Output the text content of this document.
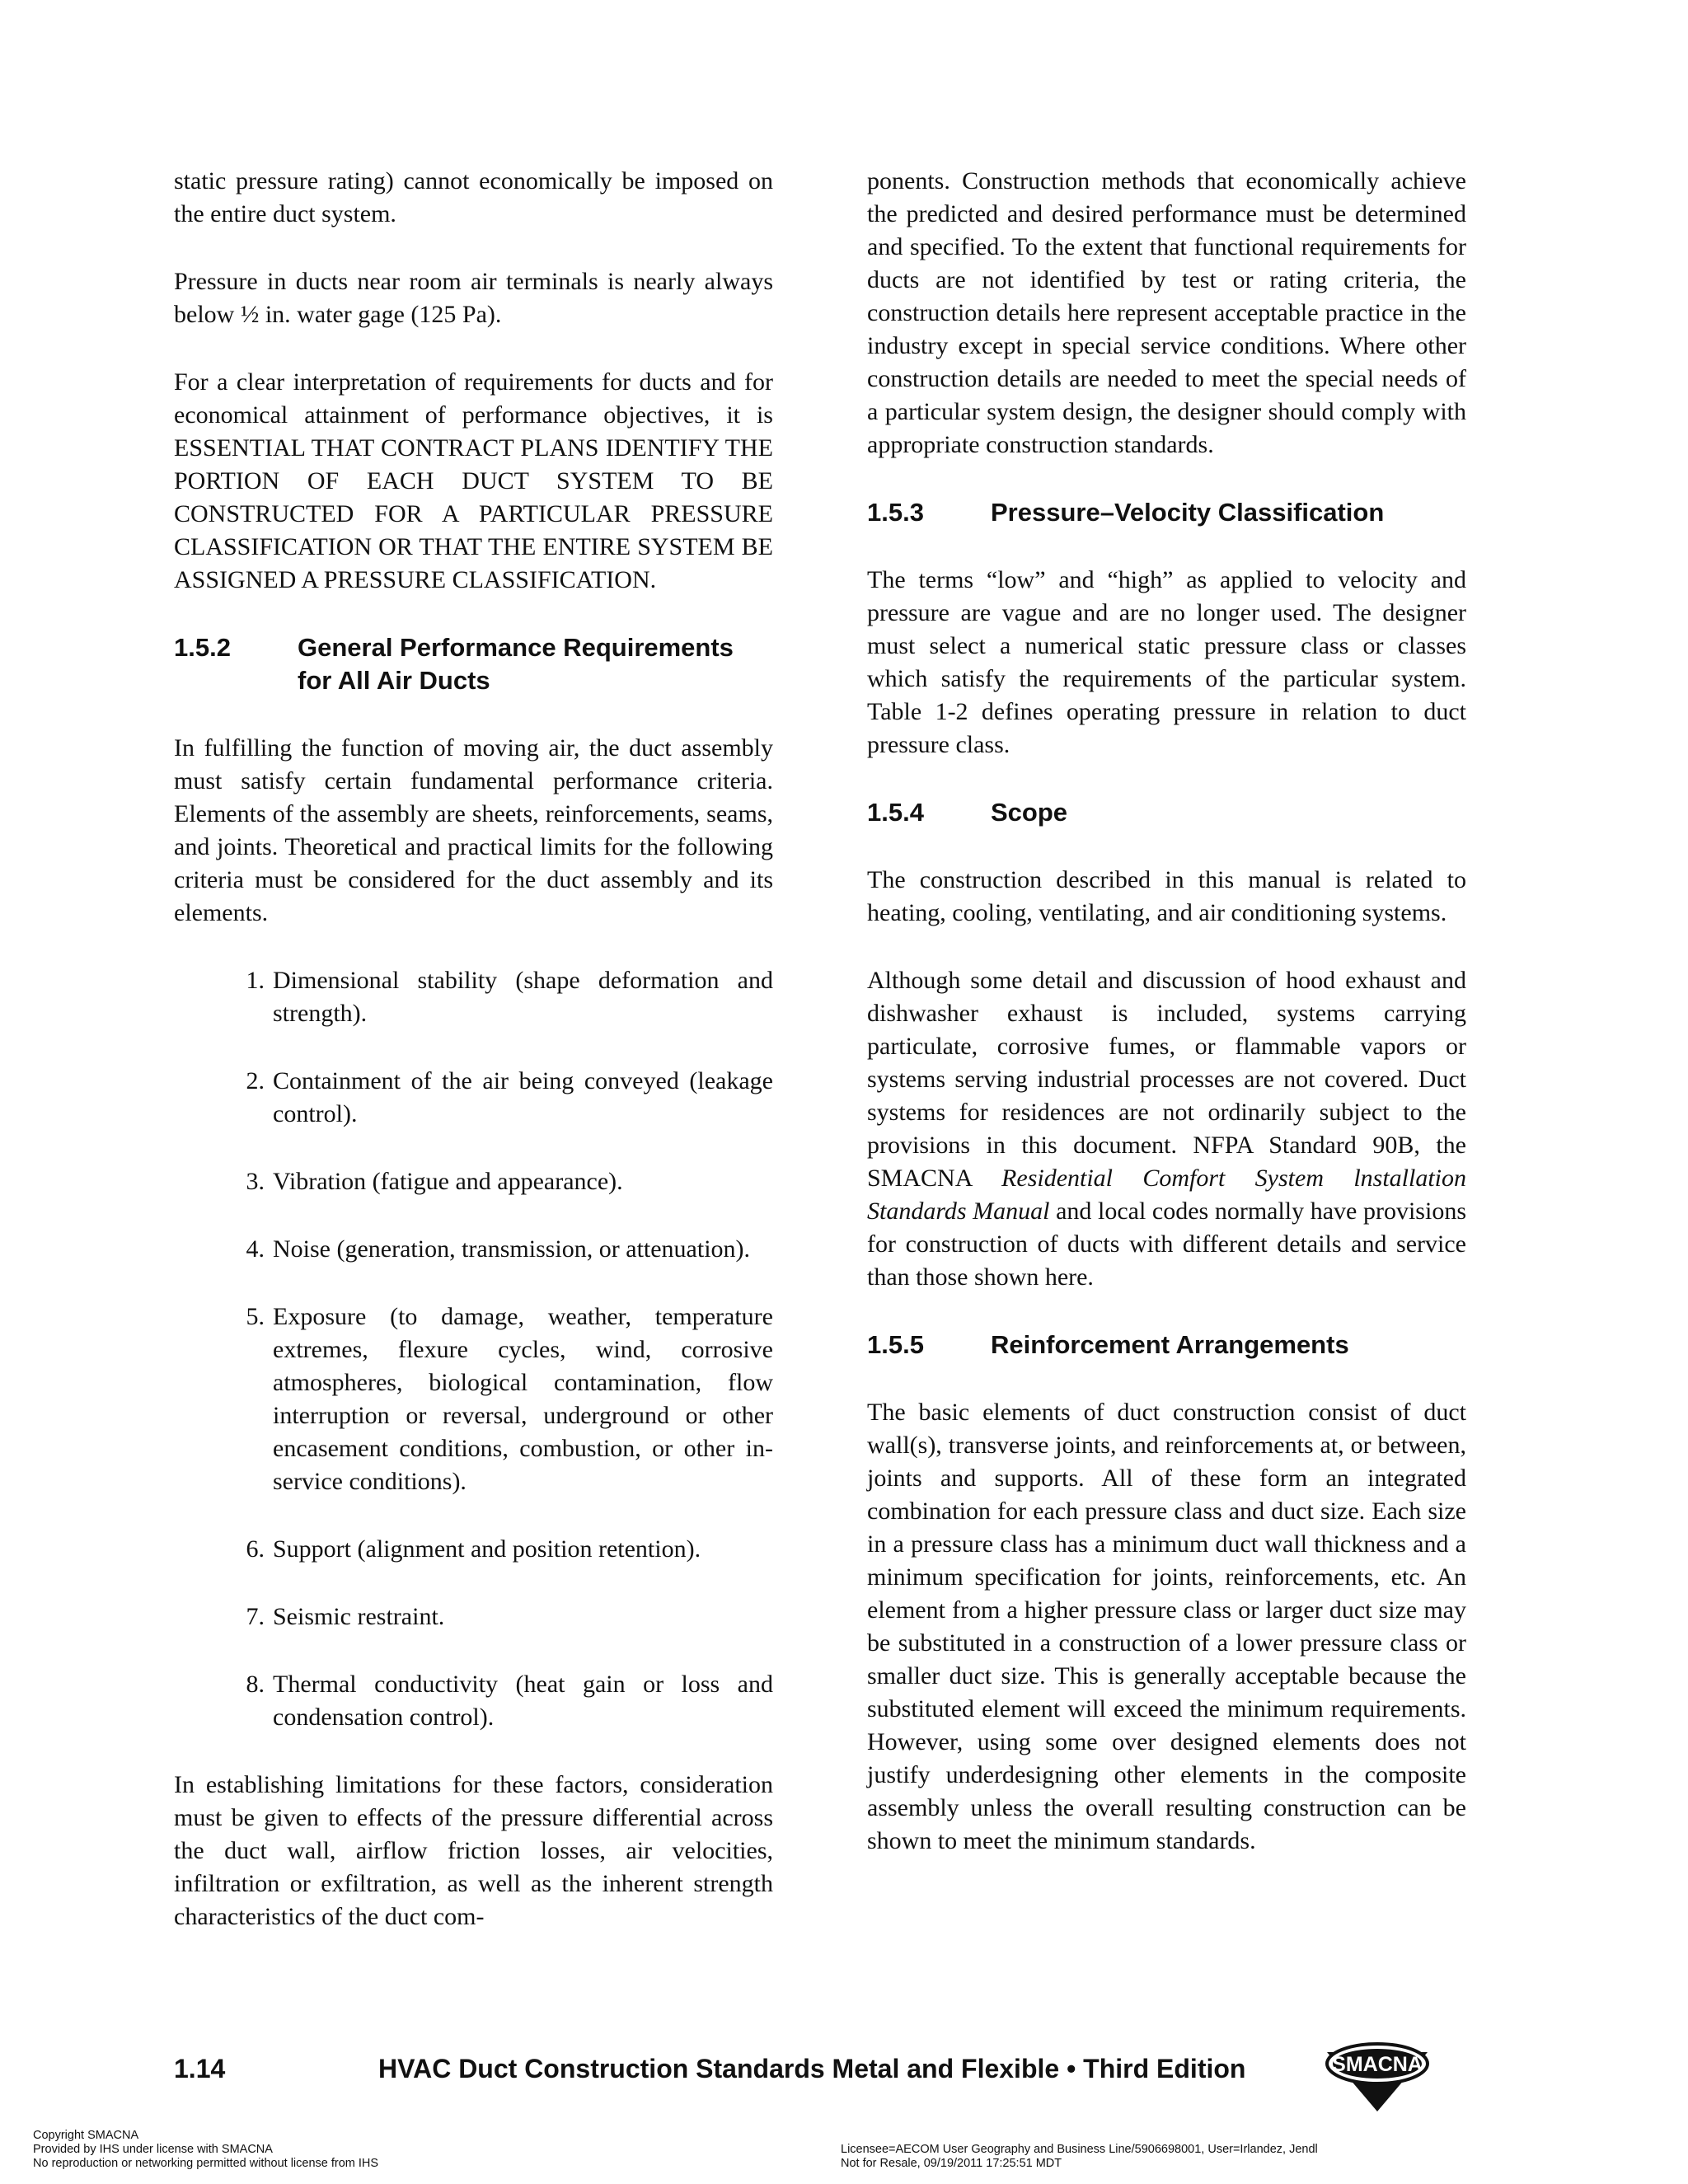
static pressure rating) cannot economically be imposed on the entire duct system.

Pressure in ducts near room air terminals is nearly always below ½ in. water gage (125 Pa).

For a clear interpretation of requirements for ducts and for economical attainment of performance objectives, it is ESSENTIAL THAT CONTRACT PLANS IDENTIFY THE PORTION OF EACH DUCT SYSTEM TO BE CONSTRUCTED FOR A PARTICULAR PRESSURE CLASSIFICATION OR THAT THE ENTIRE SYSTEM BE ASSIGNED A PRESSURE CLASSIFICATION.

1.5.2	General Performance Requirements for All Air Ducts

In fulfilling the function of moving air, the duct assembly must satisfy certain fundamental performance criteria. Elements of the assembly are sheets, reinforcements, seams, and joints. Theoretical and practical limits for the following criteria must be considered for the duct assembly and its elements.

1. Dimensional stability (shape deformation and strength).
2. Containment of the air being conveyed (leakage control).
3. Vibration (fatigue and appearance).
4. Noise (generation, transmission, or attenuation).
5. Exposure (to damage, weather, temperature extremes, flexure cycles, wind, corrosive atmospheres, biological contamination, flow interruption or reversal, underground or other encasement conditions, combustion, or other in-service conditions).
6. Support (alignment and position retention).
7. Seismic restraint.
8. Thermal conductivity (heat gain or loss and condensation control).

In establishing limitations for these factors, consideration must be given to effects of the pressure differential across the duct wall, airflow friction losses, air velocities, infiltration or exfiltration, as well as the inherent strength characteristics of the duct com-

ponents. Construction methods that economically achieve the predicted and desired performance must be determined and specified. To the extent that functional requirements for ducts are not identified by test or rating criteria, the construction details here represent acceptable practice in the industry except in special service conditions. Where other construction details are needed to meet the special needs of a particular system design, the designer should comply with appropriate construction standards.

1.5.3	Pressure–Velocity Classification

The terms “low” and “high” as applied to velocity and pressure are vague and are no longer used. The designer must select a numerical static pressure class or classes which satisfy the requirements of the particular system. Table 1-2 defines operating pressure in relation to duct pressure class.

1.5.4	Scope

The construction described in this manual is related to heating, cooling, ventilating, and air conditioning systems.

Although some detail and discussion of hood exhaust and dishwasher exhaust is included, systems carrying particulate, corrosive fumes, or flammable vapors or systems serving industrial processes are not covered. Duct systems for residences are not ordinarily subject to the provisions in this document. NFPA Standard 90B, the SMACNA Residential Comfort System lnstallation Standards Manual and local codes normally have provisions for construction of ducts with different details and service than those shown here.

1.5.5	Reinforcement Arrangements

The basic elements of duct construction consist of duct wall(s), transverse joints, and reinforcements at, or between, joints and supports. All of these form an integrated combination for each pressure class and duct size. Each size in a pressure class has a minimum duct wall thickness and a minimum specification for joints, reinforcements, etc. An element from a higher pressure class or larger duct size may be substituted in a construction of a lower pressure class or smaller duct size. This is generally acceptable because the substituted element will exceed the minimum requirements. However, using some over designed elements does not justify underdesigning other elements in the composite assembly unless the overall resulting construction can be shown to meet the minimum standards.

1.14	HVAC Duct Construction Standards Metal and Flexible • Third Edition	SMACNA
Copyright SMACNA
Provided by IHS under license with SMACNA
No reproduction or networking permitted without license from IHS
Licensee=AECOM User Geography and Business Line/5906698001, User=Irlandez, Jendl
Not for Resale, 09/19/2011 17:25:51 MDT
